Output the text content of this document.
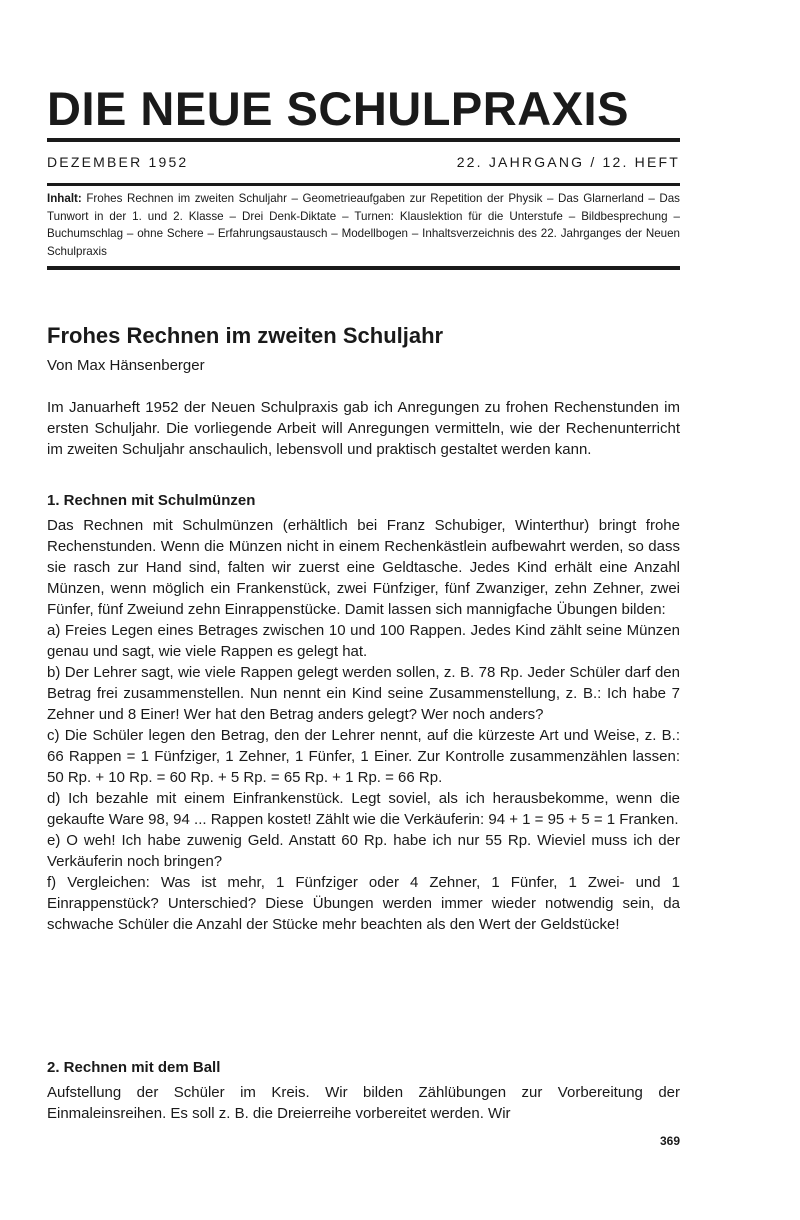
DIE NEUE SCHULPRAXIS
DEZEMBER 1952	22. JAHRGANG / 12. HEFT
Inhalt: Frohes Rechnen im zweiten Schuljahr – Geometrieaufgaben zur Repetition der Physik – Das Glarnerland – Das Tunwort in der 1. und 2. Klasse – Drei Denk-Diktate – Turnen: Klauslektion für die Unterstufe – Bildbesprechung – Buchumschlag – ohne Schere – Erfahrungsaustausch – Modellbogen – Inhaltsverzeichnis des 22. Jahrganges der Neuen Schulpraxis
Frohes Rechnen im zweiten Schuljahr
Von Max Hänsenberger

Im Januarheft 1952 der Neuen Schulpraxis gab ich Anregungen zu frohen Rechenstunden im ersten Schuljahr. Die vorliegende Arbeit will Anregungen vermitteln, wie der Rechenunterricht im zweiten Schuljahr anschaulich, lebensvoll und praktisch gestaltet werden kann.

1. Rechnen mit Schulmünzen

Das Rechnen mit Schulmünzen (erhältlich bei Franz Schubiger, Winterthur) bringt frohe Rechenstunden. Wenn die Münzen nicht in einem Rechenkästlein aufbewahrt werden, so dass sie rasch zur Hand sind, falten wir zuerst eine Geldtasche. Jedes Kind erhält eine Anzahl Münzen, wenn möglich ein Frankenstück, zwei Fünfziger, fünf Zwanziger, zehn Zehner, zwei Fünfer, fünf Zweiund zehn Einrappenstücke. Damit lassen sich mannigfache Übungen bilden:

a) Freies Legen eines Betrages zwischen 10 und 100 Rappen. Jedes Kind zählt seine Münzen genau und sagt, wie viele Rappen es gelegt hat.

b) Der Lehrer sagt, wie viele Rappen gelegt werden sollen, z. B. 78 Rp. Jeder Schüler darf den Betrag frei zusammenstellen. Nun nennt ein Kind seine Zusammenstellung, z. B.: Ich habe 7 Zehner und 8 Einer! Wer hat den Betrag anders gelegt? Wer noch anders?

c) Die Schüler legen den Betrag, den der Lehrer nennt, auf die kürzeste Art und Weise, z. B.: 66 Rappen = 1 Fünfziger, 1 Zehner, 1 Fünfer, 1 Einer. Zur Kontrolle zusammenzählen lassen: 50 Rp. + 10 Rp. = 60 Rp. + 5 Rp. = 65 Rp. + 1 Rp. = 66 Rp.

d) Ich bezahle mit einem Einfrankenstück. Legt soviel, als ich herausbekomme, wenn die gekaufte Ware 98, 94 ... Rappen kostet! Zählt wie die Verkäuferin: 94 + 1 = 95 + 5 = 1 Franken.

e) O weh! Ich habe zuwenig Geld. Anstatt 60 Rp. habe ich nur 55 Rp. Wieviel muss ich der Verkäuferin noch bringen?

f) Vergleichen: Was ist mehr, 1 Fünfziger oder 4 Zehner, 1 Fünfer, 1 Zwei- und 1 Einrappenstück? Unterschied? Diese Übungen werden immer wieder notwendig sein, da schwache Schüler die Anzahl der Stücke mehr beachten als den Wert der Geldstücke!

2. Rechnen mit dem Ball

Aufstellung der Schüler im Kreis. Wir bilden Zählübungen zur Vorbereitung der Einmaleinsreihen. Es soll z. B. die Dreierreihe vorbereitet werden. Wir

369
